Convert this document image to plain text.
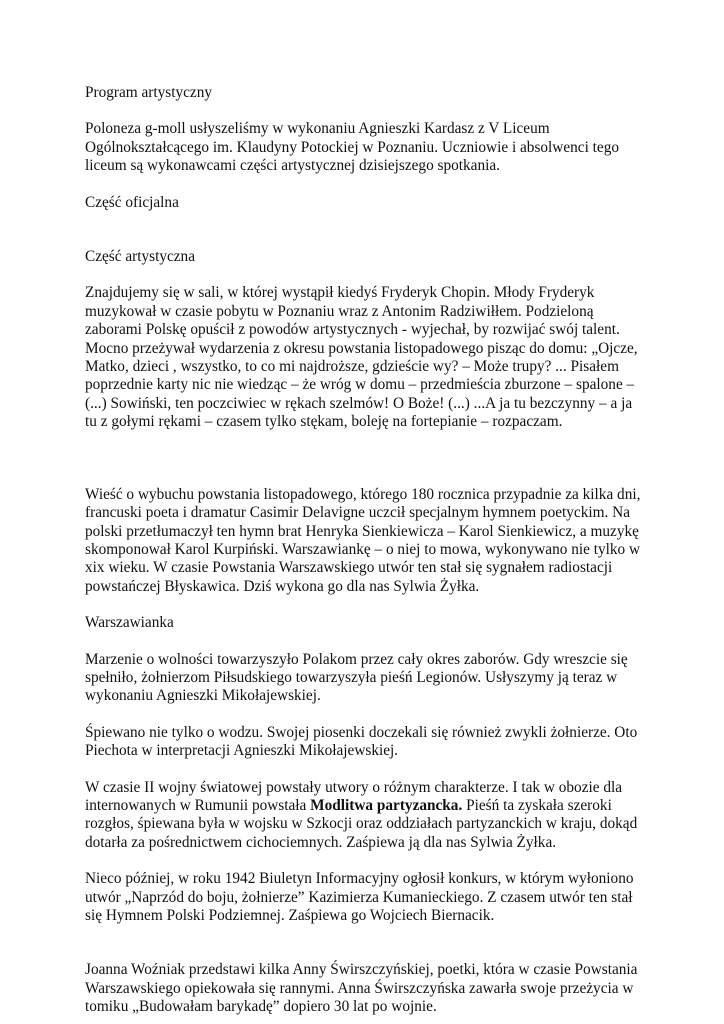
Program artystyczny

Poloneza g-moll usłyszeliśmy w wykonaniu Agnieszki Kardasz z V Liceum Ogólnokształcącego im. Klaudyny Potockiej w Poznaniu. Uczniowie i absolwenci tego liceum są wykonawcami części artystycznej dzisiejszego spotkania.

Część oficjalna

Część artystyczna

Znajdujemy się w sali, w której wystąpił kiedyś Fryderyk Chopin. Młody Fryderyk muzykował w czasie pobytu w Poznaniu wraz z Antonim Radziwiłłem. Podzieloną zaborami Polskę opuścił z powodów artystycznych - wyjechał, by rozwijać swój talent. Mocno przeżywał wydarzenia z okresu powstania listopadowego pisząc do domu: „Ojcze, Matko, dzieci , wszystko, to co mi najdroższe, gdzieście wy? – Może trupy? ... Pisałem poprzednie karty nic nie wiedząc – że wróg w domu – przedmieścia zburzone – spalone – (...) Sowiński, ten poczciwiec w rękach szelmów! O Boże! (...) ...A ja tu bezczynny – a ja tu z gołymi rękami – czasem tylko stękam, boleję na fortepianie – rozpaczam.

Wieść o wybuchu powstania listopadowego, którego 180 rocznica przypadnie za kilka dni, francuski poeta i dramatur Casimir Delavigne uczcił specjalnym hymnem poetyckim. Na polski przetłumaczył ten hymn brat Henryka Sienkiewicza – Karol Sienkiewicz, a muzykę skomponował Karol Kurpiński. Warszawiankę – o niej to mowa, wykonywano nie tylko w xix wieku. W czasie Powstania Warszawskiego utwór ten stał się sygnałem radiostacji powstańczej Błyskawica. Dziś wykona go dla nas Sylwia Żyłka.

Warszawianka

Marzenie o wolności towarzyszyło Polakom przez cały okres zaborów. Gdy wreszcie się spełniło, żołnierzom Piłsudskiego towarzyszyła pieśń Legionów. Usłyszymy ją teraz w wykonaniu Agnieszki Mikołajewskiej.

Śpiewano nie tylko o wodzu. Swojej piosenki doczekali się również zwykli żołnierze. Oto Piechota w interpretacji Agnieszki Mikołajewskiej.

W czasie II wojny światowej powstały utwory o różnym charakterze. I tak w obozie dla internowanych w Rumunii powstała Modlitwa partyzancka. Pieśń ta zyskała szeroki rozgłos, śpiewana była w wojsku w Szkocji oraz oddziałach partyzanckich w kraju, dokąd dotarła za pośrednictwem cichociemnych. Zaśpiewa ją dla nas Sylwia Żyłka.

Nieco później, w roku 1942 Biuletyn Informacyjny ogłosił konkurs, w którym wyłoniono utwór „Naprzód do boju, żołnierze” Kazimierza Kumanieckiego. Z czasem utwór ten stał się Hymnem Polski Podziemnej. Zaśpiewa go Wojciech Biernacik.

Joanna Woźniak przedstawi kilka Anny Świrszczyńskiej, poetki, która w czasie Powstania Warszawskiego opiekowała się rannymi. Anna Świrszczyńska zawarła swoje przeżycia w tomiku „Budowałam barykadę” dopiero 30 lat po wojnie.
